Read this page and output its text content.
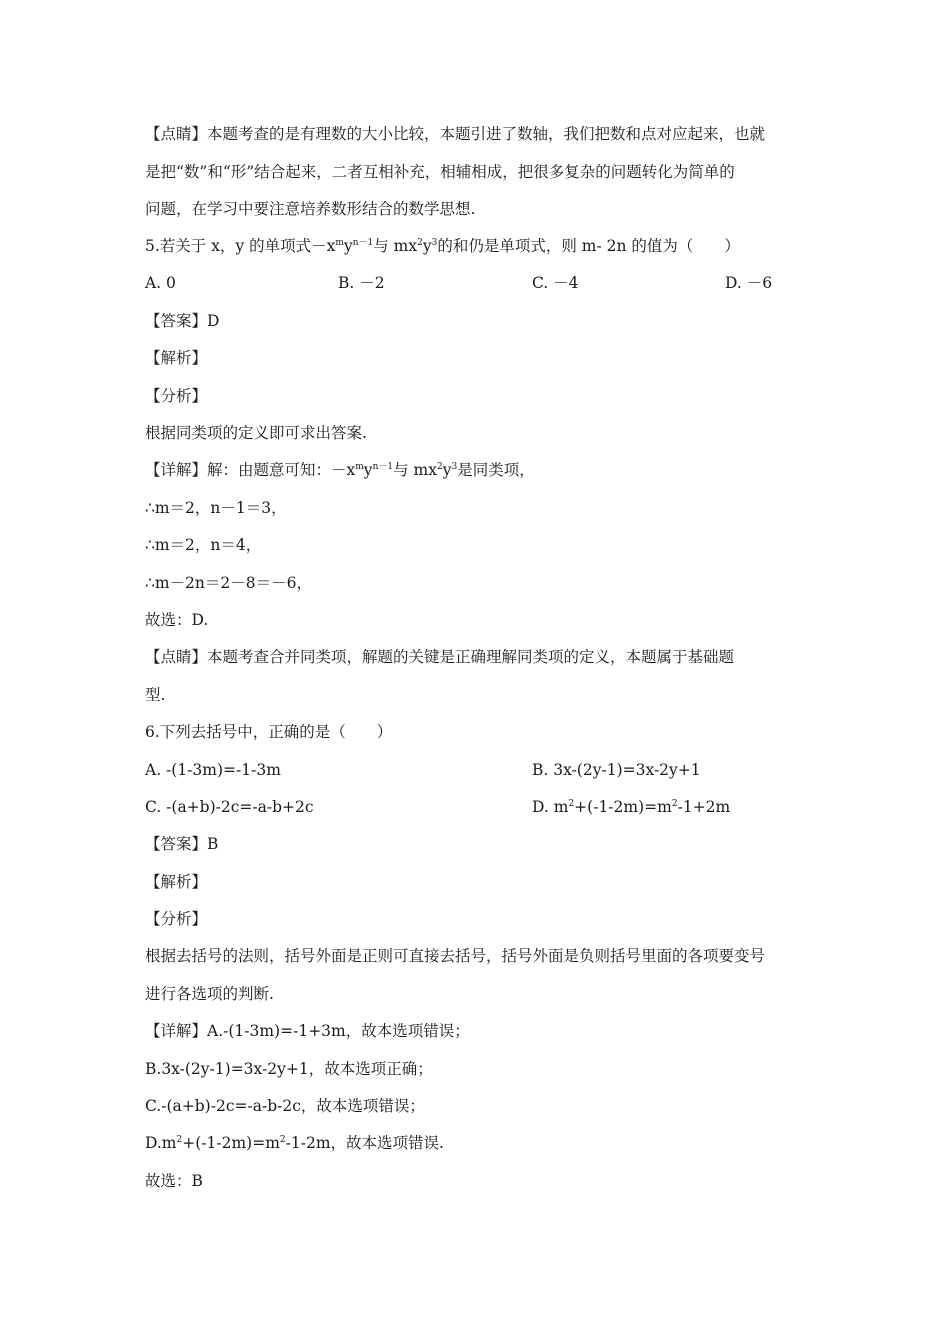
【点睛】本题考查的是有理数的大小比较，本题引进了数轴，我们把数和点对应起来，也就
是把“数”和“形”结合起来，二者互相补充，相辅相成，把很多复杂的问题转化为简单的
问题，在学习中要注意培养数形结合的数学思想.
5.若关于 x，y 的单项式$-x^my^{n-1}$与 $mx^2y^3$的和仍是单项式，则 m- 2n 的值为（　　）
A. 0	B. －2	C. －4	D. －6
【答案】D
【解析】
【分析】
根据同类项的定义即可求出答案.
【详解】解：由题意可知：$-x^my^{n-1}$与 $mx^2y^3$是同类项，
∴m＝2，n－1＝3，
∴m＝2，n＝4，
∴m－2n＝2－8＝－6，
故选：D.
【点睛】本题考查合并同类项，解题的关键是正确理解同类项的定义，本题属于基础题
型.
6.下列去括号中，正确的是（　　）
A. -(1-3m)=-1-3m	B. 3x-(2y-1)=3x-2y+1
C. -(a+b)-2c=-a-b+2c	D. $m^2+(-1-2m)=m^2-1+2m$
【答案】B
【解析】
【分析】
根据去括号的法则，括号外面是正则可直接去括号，括号外面是负则括号里面的各项要变号
进行各选项的判断.
【详解】A.-(1-3m)=-1+3m，故本选项错误；
B.3x-(2y-1)=3x-2y+1，故本选项正确；
C.-(a+b)-2c=-a-b-2c，故本选项错误；
$D.m^2+(-1-2m)=m^2-1-2m$，故本选项错误.
故选：B
